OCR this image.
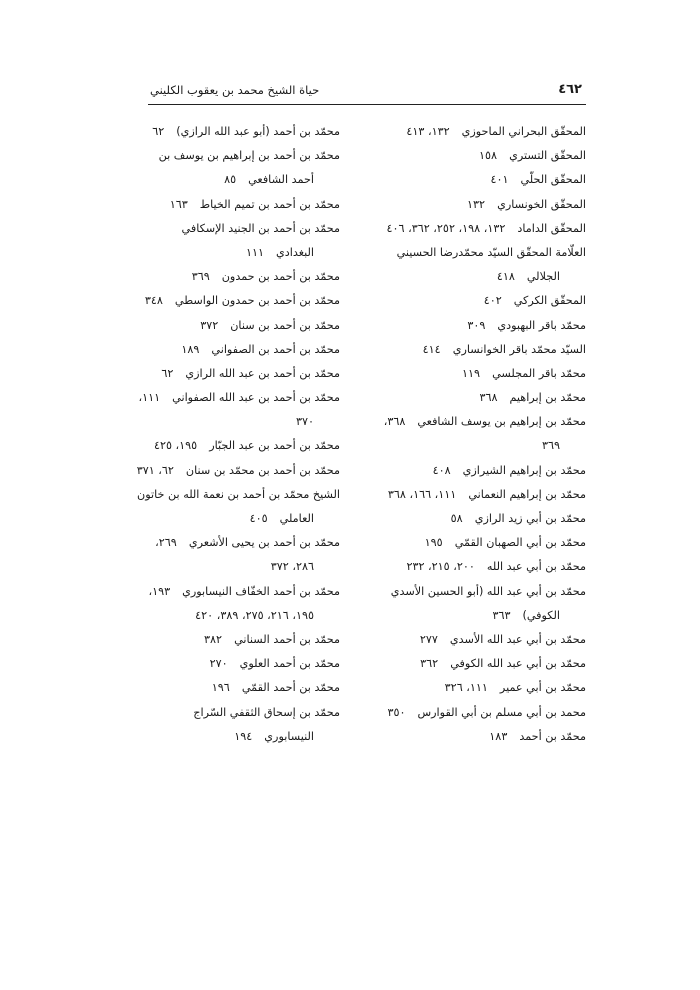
٤٦٢
حياة الشيخ محمد بن يعقوب الكليني
المحقّق البحراني الماحوزي١٣٢، ٤١٣
المحقّق التستري١٥٨
المحقّق الحلّي٤٠١
المحقّق الخونساري١٣٢
المحقّق الداماد١٣٢، ١٩٨، ٢٥٢، ٣٦٢، ٤٠٦
العلّامة المحقّق السيّد محمّدرضا الحسيني
الجلالي٤١٨
المحقّق الكركي٤٠٢
محمّد باقر البهبودي٣٠٩
السيّد محمّد باقر الخوانساري٤١٤
محمّد باقر المجلسي١١٩
محمّد بن إبراهيم٣٦٨
محمّد بن إبراهيم بن يوسف الشافعي٣٦٨،
٣٦٩
محمّد بن إبراهيم الشيرازي٤٠٨
محمّد بن إبراهيم النعماني١١١، ١٦٦، ٣٦٨
محمّد بن أبي زيد الرازي٥٨
محمّد بن أبي الصهبان القمّي١٩٥
محمّد بن أبي عبد الله٢٠٠، ٢١٥، ٢٣٢
محمّد بن أبي عبد الله (أبو الحسين الأسدي
الكوفي)٣٦٣
محمّد بن أبي عبد الله الأسدي٢٧٧
محمّد بن أبي عبد الله الكوفي٣٦٢
محمّد بن أبي عمير١١١، ٣٢٦
محمد بن أبي مسلم بن أبي القوارس٣٥٠
محمّد بن أحمد١٨٣
محمّد بن أحمد (أبو عبد الله الرازي)٦٢
محمّد بن أحمد بن إبراهيم بن يوسف بن
أحمد الشافعي٨٥
محمّد بن أحمد بن تميم الخياط١٦٣
محمّد بن أحمد بن الجنيد الإسكافي
البغدادي١١١
محمّد بن أحمد بن حمدون٣٦٩
محمّد بن أحمد بن حمدون الواسطي٣٤٨
محمّد بن أحمد بن سنان٣٧٢
محمّد بن أحمد بن الصفواني١٨٩
محمّد بن أحمد بن عبد الله الرازي٦٢
محمّد بن أحمد بن عبد الله الصفواني١١١،
٣٧٠
محمّد بن أحمد بن عبد الجبّار١٩٥، ٤٢٥
محمّد بن أحمد بن محمّد بن سنان٦٢، ٣٧١
الشيخ محمّد بن أحمد بن نعمة الله بن خاتون
العاملي٤٠٥
محمّد بن أحمد بن يحيى الأشعري٢٦٩،
٢٨٦، ٣٧٢
محمّد بن أحمد الخفّاف النيسابوري١٩٣،
١٩٥، ٢١٦، ٢٧٥، ٣٨٩، ٤٢٠
محمّد بن أحمد السناني٣٨٢
محمّد بن أحمد العلوي٢٧٠
محمّد بن أحمد القمّي١٩٦
محمّد بن إسحاق الثقفي السّراج
النيسابوري١٩٤
